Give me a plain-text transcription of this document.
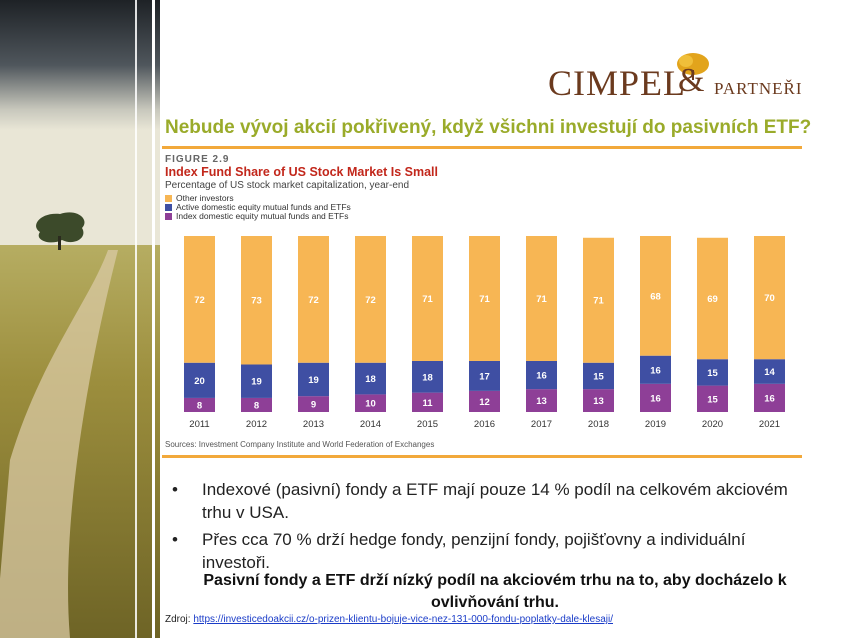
CIMPEL
& PARTNEŘI
Nebude vývoj akcií pokřivený, když všichni investují do pasivních ETF?
FIGURE 2.9
Index Fund Share of US Stock Market Is Small
Percentage of US stock market capitalization, year-end
Other investors
Active domestic equity mutual funds and ETFs
Index domestic equity mutual funds and ETFs
8
20
72
8
19
73
9
19
72
10
18
72
11
18
71
12
17
71
13
16
71
13
15
71
16
16
68
15
15
69
16
14
70
2011	2012	2013	2014	2015	2016	2017	2018	2019	2020	2021
Sources: Investment Company Institute and World Federation of Exchanges
• Indexové (pasivní) fondy a ETF mají pouze 14 % podíl na celkovém akciovém trhu v USA.
• Přes cca 70 % drží hedge fondy, penzijní fondy, pojišťovny a individuální investoři.
Pasivní fondy a ETF drží nízký podíl na akciovém trhu na to, aby docházelo k ovlivňování trhu.
Zdroj: https://investicedoakcii.cz/o-prizen-klientu-bojuje-vice-nez-131-000-fondu-poplatky-dale-klesaji/
